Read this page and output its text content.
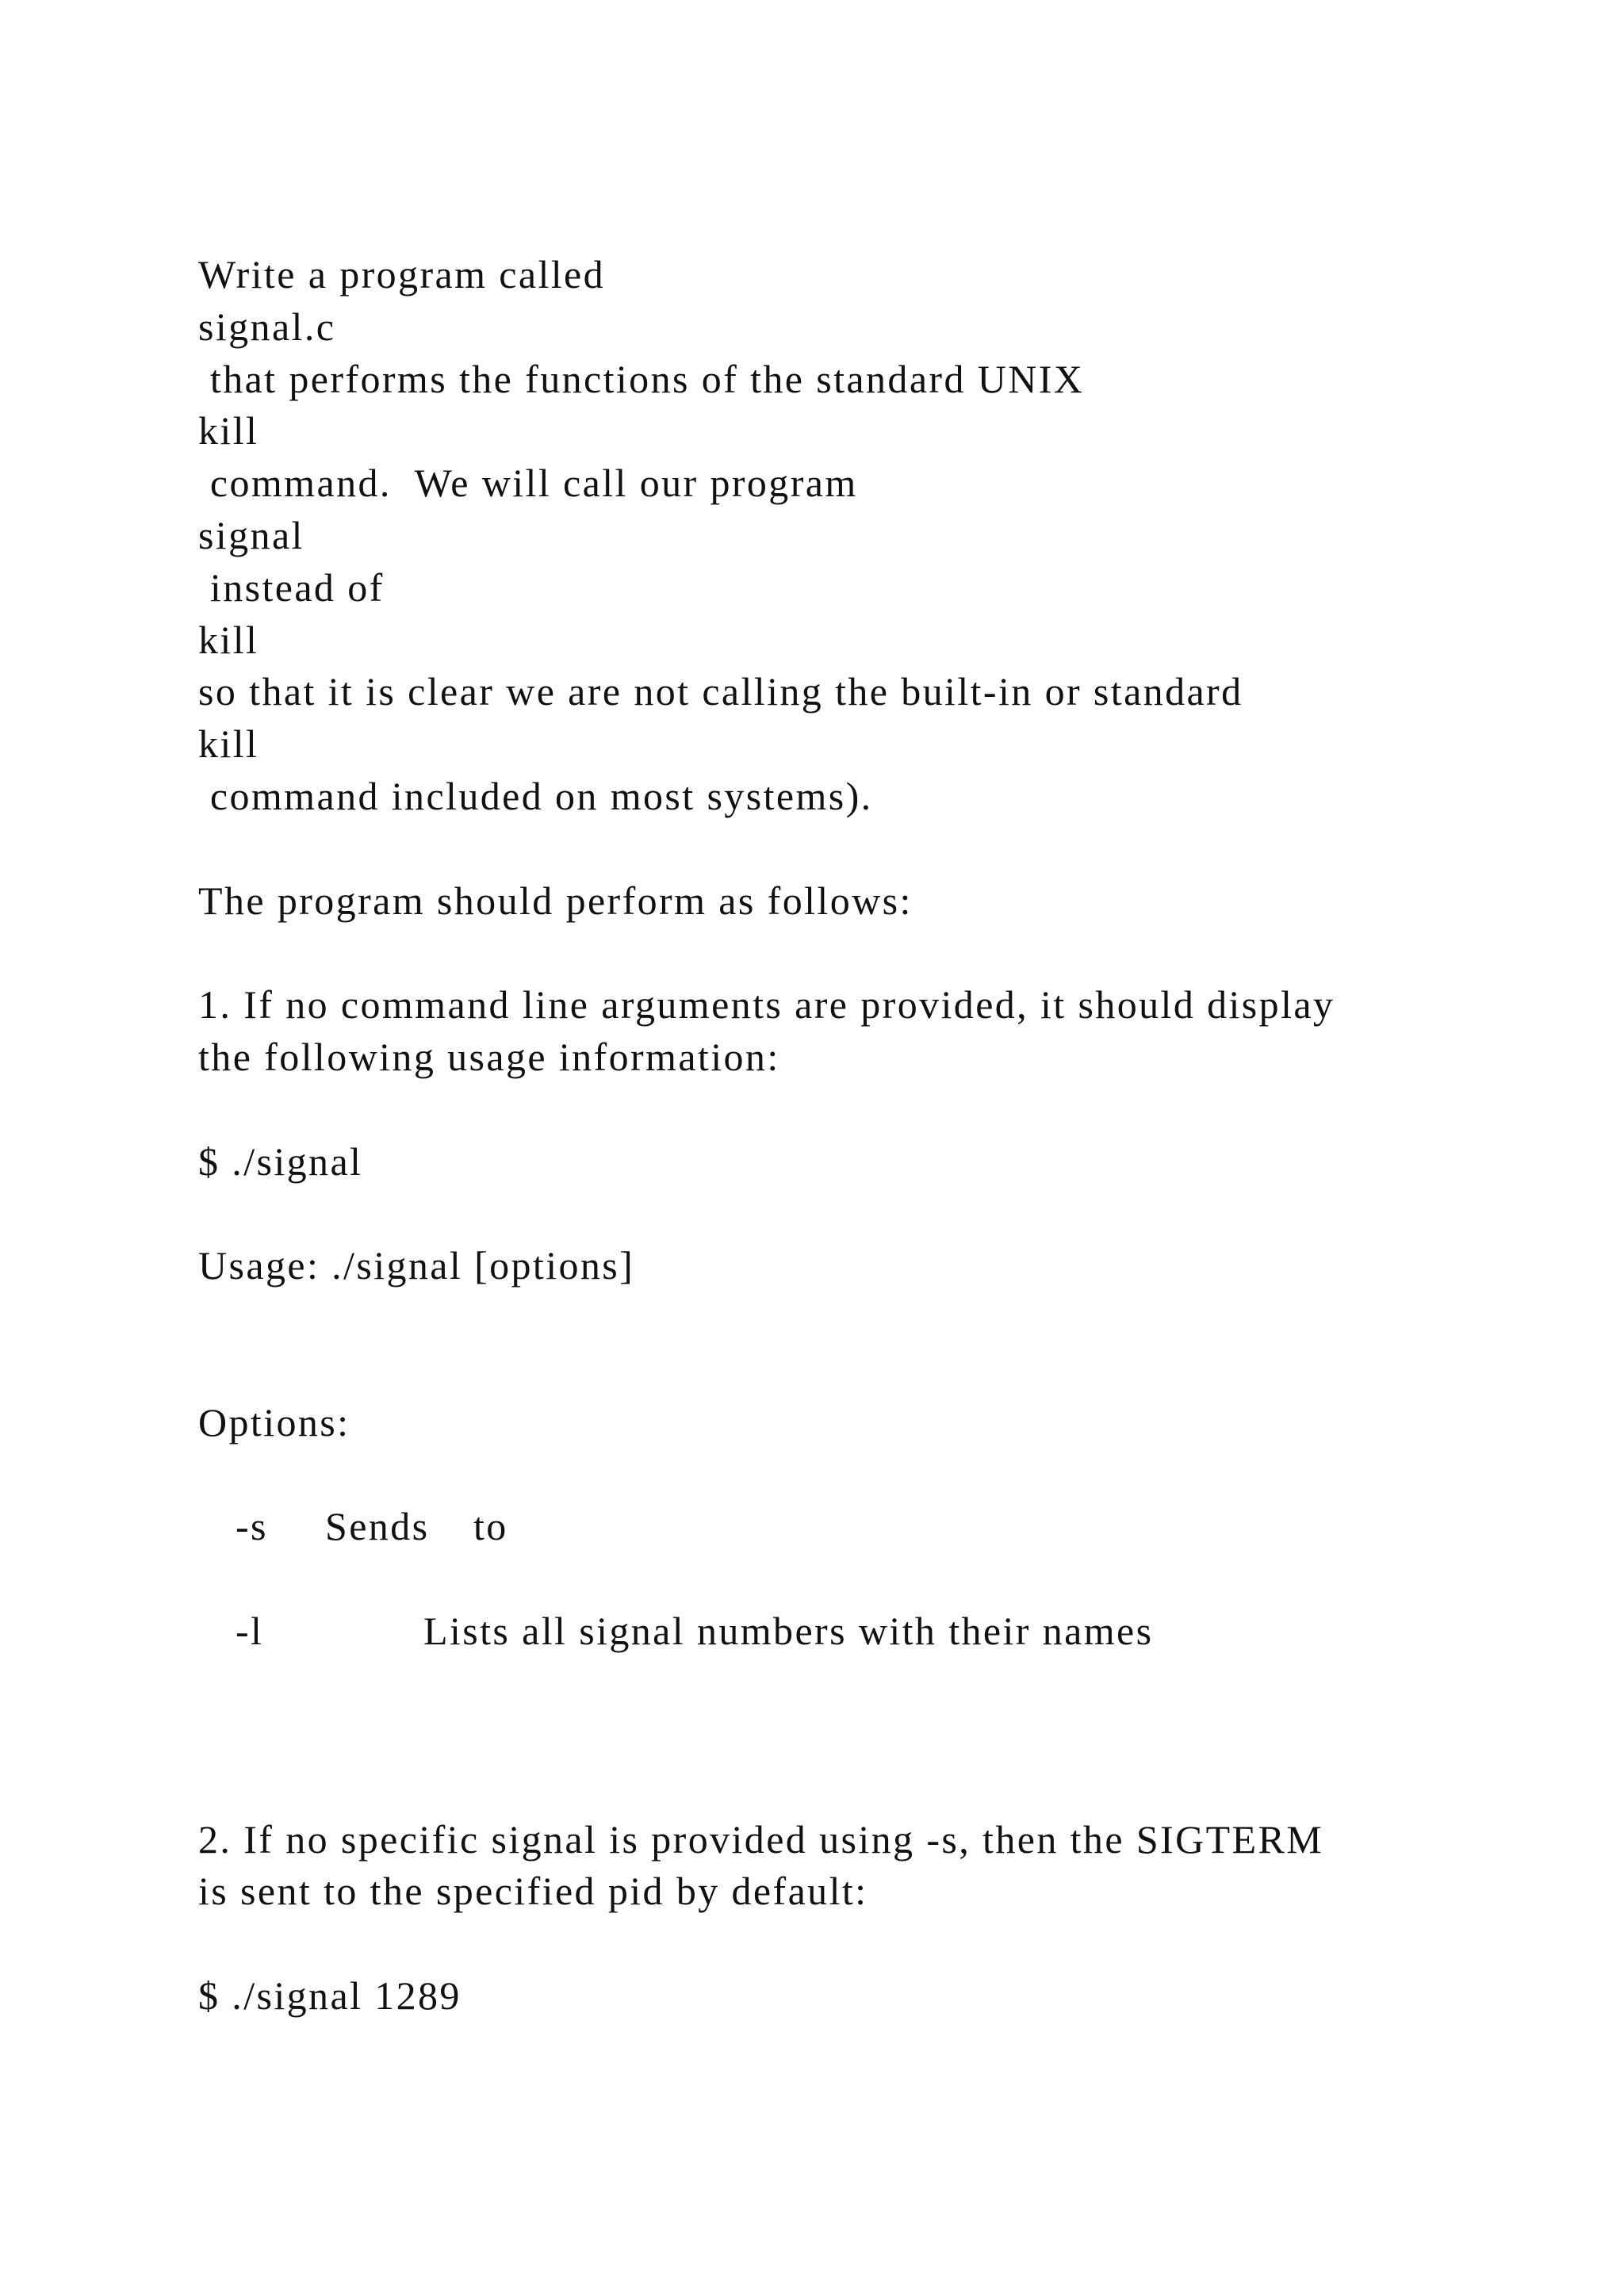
Write a program called
signal.c
that performs the functions of the standard UNIX
kill
command.  We will call our program
signal
instead of
kill
so that it is clear we are not calling the built-in or standard
kill
command included on most systems).
The program should perform as follows:
1. If no command line arguments are provided, it should display
the following usage information:
$ ./signal
Usage: ./signal [options]
Options:
-s Sends to
-l	Lists all signal numbers with their names
2. If no specific signal is provided using -s, then the SIGTERM
is sent to the specified pid by default:
$ ./signal 1289
